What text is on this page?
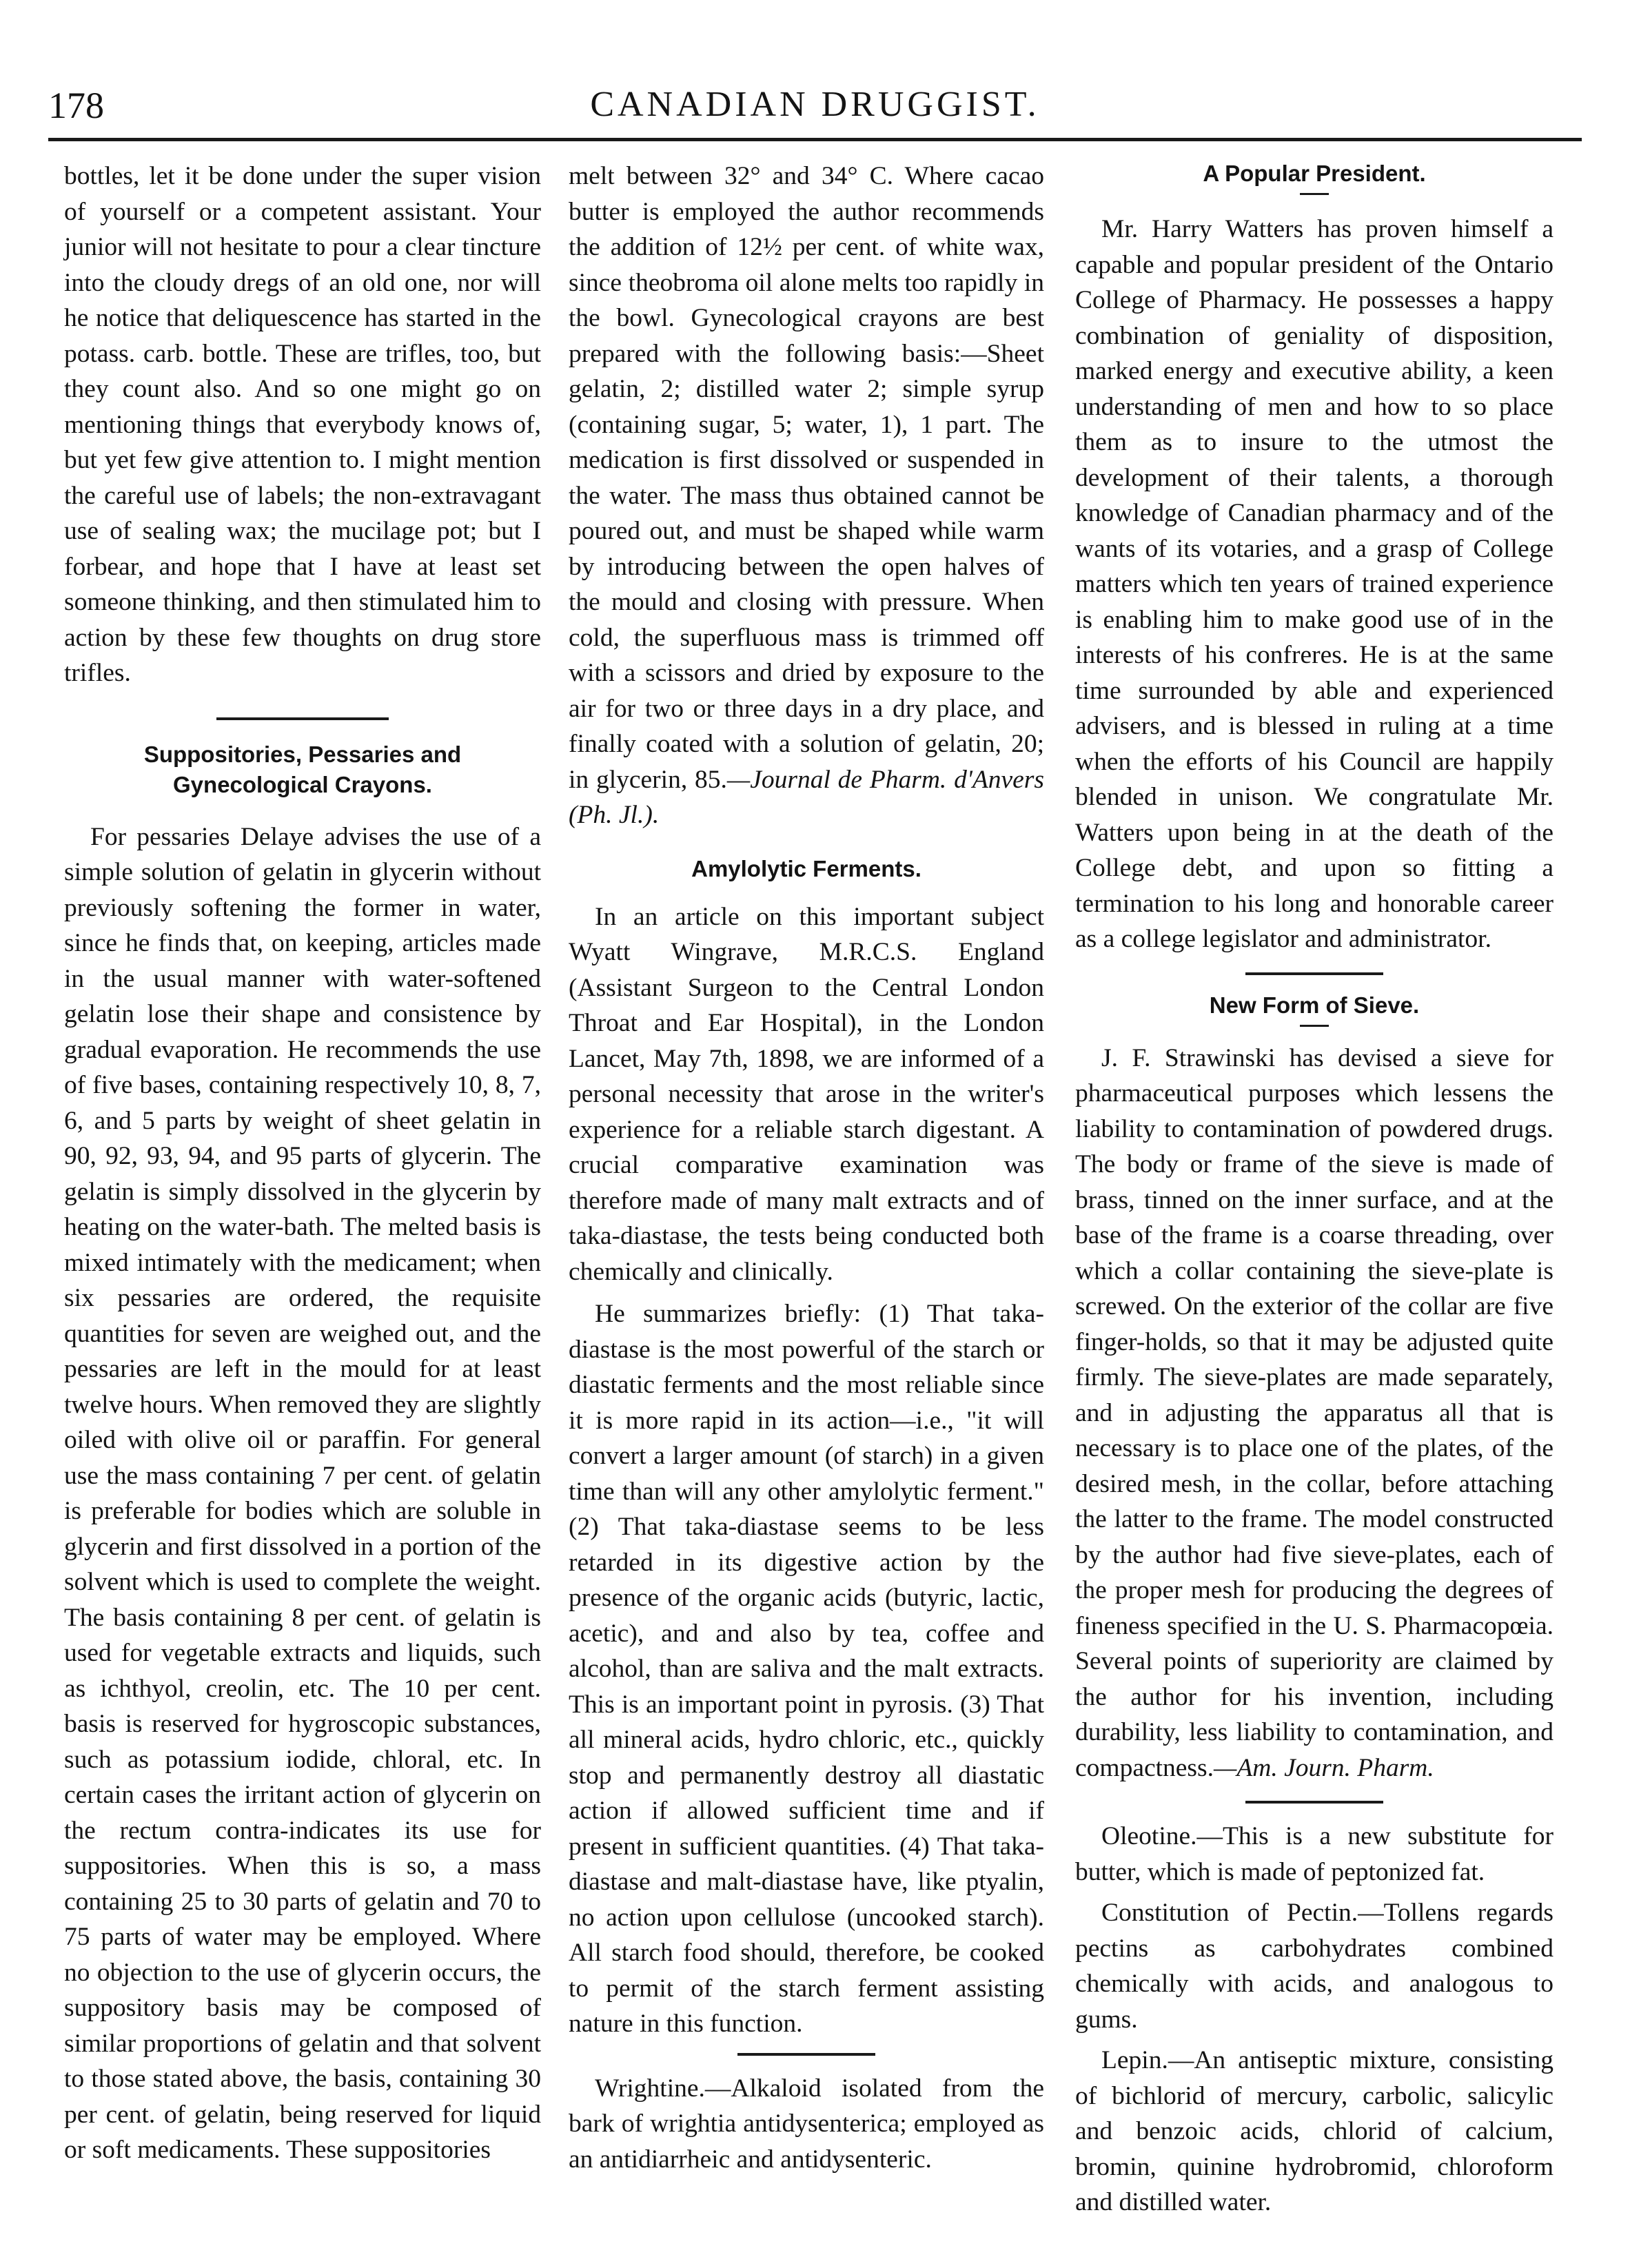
178	CANADIAN DRUGGIST.

bottles, let it be done under the super vision of yourself or a competent assistant. Your junior will not hesitate to pour a clear tincture into the cloudy dregs of an old one, nor will he notice that deliquescence has started in the potass. carb. bottle. These are trifles, too, but they count also. And so one might go on mentioning things that everybody knows of, but yet few give attention to. I might mention the careful use of labels; the non-extravagant use of sealing wax; the mucilage pot; but I forbear, and hope that I have at least set someone thinking, and then stimulated him to action by these few thoughts on drug store trifles.

Suppositories, Pessaries and Gynecological Crayons.

For pessaries Delaye advises the use of a simple solution of gelatin in glycerin without previously softening the former in water, since he finds that, on keeping, articles made in the usual manner with water-softened gelatin lose their shape and consistence by gradual evaporation. He recommends the use of five bases, containing respectively 10, 8, 7, 6, and 5 parts by weight of sheet gelatin in 90, 92, 93, 94, and 95 parts of glycerin. The gelatin is simply dissolved in the glycerin by heating on the water-bath. The melted basis is mixed intimately with the medicament; when six pessaries are ordered, the requisite quantities for seven are weighed out, and the pessaries are left in the mould for at least twelve hours. When removed they are slightly oiled with olive oil or paraffin. For general use the mass containing 7 per cent. of gelatin is preferable for bodies which are soluble in glycerin and first dissolved in a portion of the solvent which is used to complete the weight. The basis containing 8 per cent. of gelatin is used for vegetable extracts and liquids, such as ichthyol, creolin, etc. The 10 per cent. basis is reserved for hygroscopic substances, such as potassium iodide, chloral, etc. In certain cases the irritant action of glycerin on the rectum contra-indicates its use for suppositories. When this is so, a mass containing 25 to 30 parts of gelatin and 70 to 75 parts of water may be employed. Where no objection to the use of glycerin occurs, the suppository basis may be composed of similar proportions of gelatin and that solvent to those stated above, the basis, containing 30 per cent. of gelatin, being reserved for liquid or soft medicaments. These suppositories

melt between 32° and 34° C. Where cacao butter is employed the author recommends the addition of 12½ per cent. of white wax, since theobroma oil alone melts too rapidly in the bowl. Gynecological crayons are best prepared with the following basis:—Sheet gelatin, 2; distilled water 2; simple syrup (containing sugar, 5; water, 1), 1 part. The medication is first dissolved or suspended in the water. The mass thus obtained cannot be poured out, and must be shaped while warm by introducing between the open halves of the mould and closing with pressure. When cold, the superfluous mass is trimmed off with a scissors and dried by exposure to the air for two or three days in a dry place, and finally coated with a solution of gelatin, 20; in glycerin, 85.—Journal de Pharm. d'Anvers (Ph. Jl.).

Amylolytic Ferments.

In an article on this important subject Wyatt Wingrave, M.R.C.S. England (Assistant Surgeon to the Central London Throat and Ear Hospital), in the London Lancet, May 7th, 1898, we are informed of a personal necessity that arose in the writer's experience for a reliable starch digestant. A crucial comparative examination was therefore made of many malt extracts and of taka-diastase, the tests being conducted both chemically and clinically.

He summarizes briefly: (1) That taka-diastase is the most powerful of the starch or diastatic ferments and the most reliable since it is more rapid in its action—i.e., "it will convert a larger amount (of starch) in a given time than will any other amylolytic ferment." (2) That taka-diastase seems to be less retarded in its digestive action by the presence of the organic acids (butyric, lactic, acetic), and and also by tea, coffee and alcohol, than are saliva and the malt extracts. This is an important point in pyrosis. (3) That all mineral acids, hydro chloric, etc., quickly stop and permanently destroy all diastatic action if allowed sufficient time and if present in sufficient quantities. (4) That taka-diastase and malt-diastase have, like ptyalin, no action upon cellulose (uncooked starch). All starch food should, therefore, be cooked to permit of the starch ferment assisting nature in this function.

Wrightine.—Alkaloid isolated from the bark of wrightia antidysenterica; employed as an antidiarrheic and antidysenteric.

A Popular President.

Mr. Harry Watters has proven himself a capable and popular president of the Ontario College of Pharmacy. He possesses a happy combination of geniality of disposition, marked energy and executive ability, a keen understanding of men and how to so place them as to insure to the utmost the development of their talents, a thorough knowledge of Canadian pharmacy and of the wants of its votaries, and a grasp of College matters which ten years of trained experience is enabling him to make good use of in the interests of his confreres. He is at the same time surrounded by able and experienced advisers, and is blessed in ruling at a time when the efforts of his Council are happily blended in unison. We congratulate Mr. Watters upon being in at the death of the College debt, and upon so fitting a termination to his long and honorable career as a college legislator and administrator.

New Form of Sieve.

J. F. Strawinski has devised a sieve for pharmaceutical purposes which lessens the liability to contamination of powdered drugs. The body or frame of the sieve is made of brass, tinned on the inner surface, and at the base of the frame is a coarse threading, over which a collar containing the sieve-plate is screwed. On the exterior of the collar are five finger-holds, so that it may be adjusted quite firmly. The sieve-plates are made separately, and in adjusting the apparatus all that is necessary is to place one of the plates, of the desired mesh, in the collar, before attaching the latter to the frame. The model constructed by the author had five sieve-plates, each of the proper mesh for producing the degrees of fineness specified in the U. S. Pharmacopœia. Several points of superiority are claimed by the author for his invention, including durability, less liability to contamination, and compactness.—Am. Journ. Pharm.

Oleotine.—This is a new substitute for butter, which is made of peptonized fat.

Constitution of Pectin.—Tollens regards pectins as carbohydrates combined chemically with acids, and analogous to gums.

Lepin.—An antiseptic mixture, consisting of bichlorid of mercury, carbolic, salicylic and benzoic acids, chlorid of calcium, bromin, quinine hydrobromid, chloroform and distilled water.
